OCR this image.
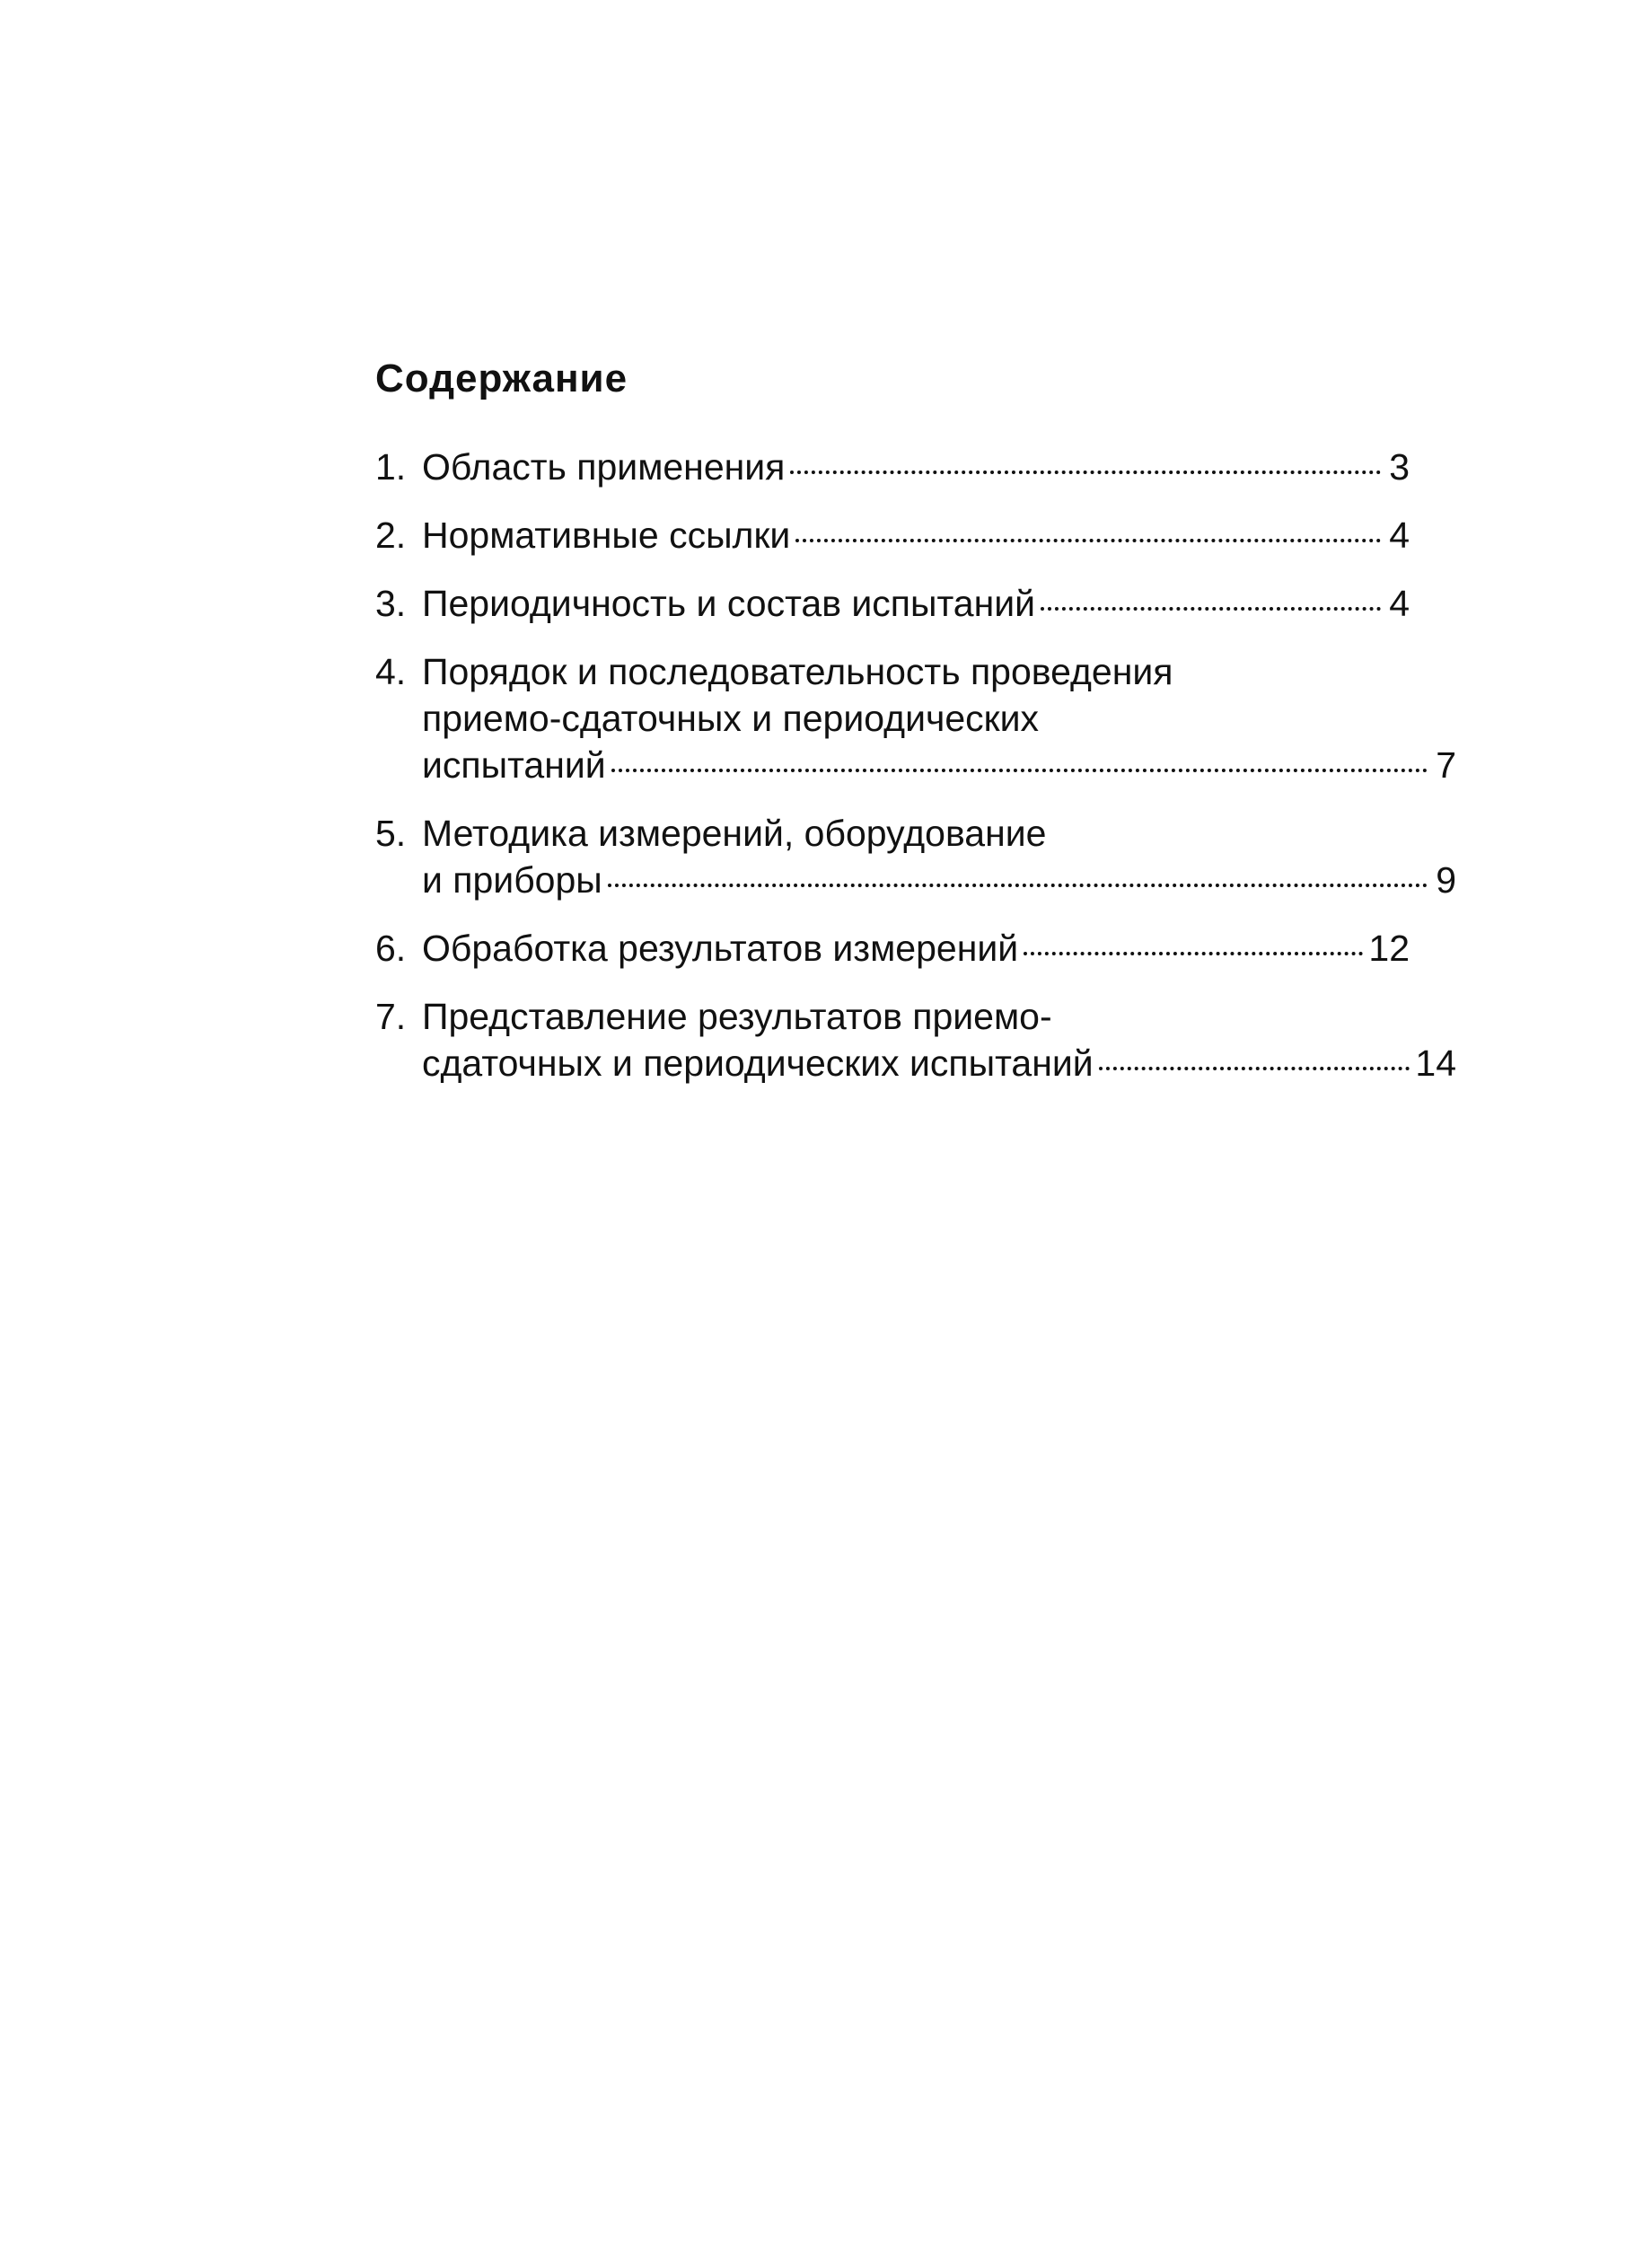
Содержание
1. Область применения	3
2. Нормативные ссылки	4
3. Периодичность и состав испытаний	4
4. Порядок и последовательность проведения
приемо-сдаточных и периодических
испытаний	7
5. Методика измерений, оборудование
и приборы	9
6. Обработка результатов измерений	12
7. Представление результатов приемо-
сдаточных и периодических испытаний	14
